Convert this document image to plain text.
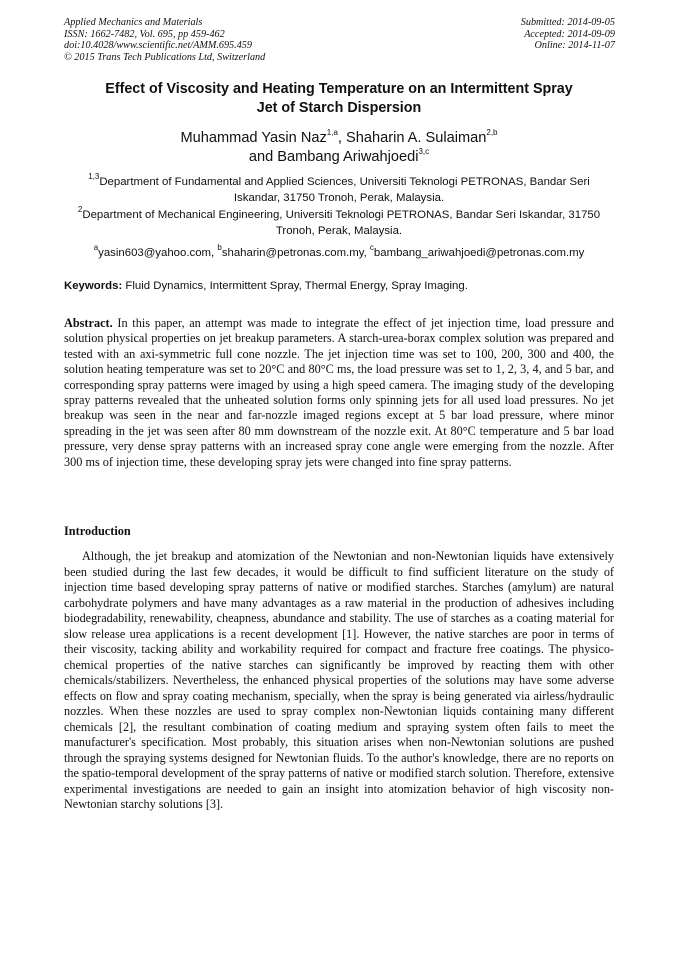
Applied Mechanics and Materials
ISSN: 1662-7482, Vol. 695, pp 459-462
doi:10.4028/www.scientific.net/AMM.695.459
© 2015 Trans Tech Publications Ltd, Switzerland
Submitted: 2014-09-05
Accepted: 2014-09-09
Online: 2014-11-07
Effect of Viscosity and Heating Temperature on an Intermittent Spray
Jet of Starch Dispersion
Muhammad Yasin Naz$^{1,a}$, Shaharin A. Sulaiman$^{2,b}$
and Bambang Ariwahjoedi$^{3,c}$
$^{1,3}$Department of Fundamental and Applied Sciences, Universiti Teknologi PETRONAS, Bandar Seri Iskandar, 31750 Tronoh, Perak, Malaysia.
$^2$Department of Mechanical Engineering, Universiti Teknologi PETRONAS, Bandar Seri Iskandar, 31750 Tronoh, Perak, Malaysia.
$^a$yasin603@yahoo.com, $^b$shaharin@petronas.com.my, $^c$bambang_ariwahjoedi@petronas.com.my
Keywords: Fluid Dynamics, Intermittent Spray, Thermal Energy, Spray Imaging.

Abstract. In this paper, an attempt was made to integrate the effect of jet injection time, load pressure and solution physical properties on jet breakup parameters. A starch-urea-borax complex solution was prepared and tested with an axi-symmetric full cone nozzle. The jet injection time was set to 100, 200, 300 and 400, the solution heating temperature was set to 20°C and 80°C ms, the load pressure was set to 1, 2, 3, 4, and 5 bar, and corresponding spray patterns were imaged by using a high speed camera. The imaging study of the developing spray patterns revealed that the unheated solution forms only spinning jets for all used load pressures. No jet breakup was seen in the near and far-nozzle imaged regions except at 5 bar load pressure, where minor spreading in the jet was seen after 80 mm downstream of the nozzle exit. At 80°C temperature and 5 bar load pressure, very dense spray patterns with an increased spray cone angle were emerging from the nozzle. After 300 ms of injection time, these developing spray jets were changed into fine spray patterns.

Introduction

Although, the jet breakup and atomization of the Newtonian and non-Newtonian liquids have extensively been studied during the last few decades, it would be difficult to find sufficient literature on the study of injection time based developing spray patterns of native or modified starches. Starches (amylum) are natural carbohydrate polymers and have many advantages as a raw material in the production of adhesives including biodegradability, renewability, cheapness, abundance and stability. The use of starches as a coating material for slow release urea applications is a recent development [1]. However, the native starches are poor in terms of their viscosity, tacking ability and workability required for compact and fracture free coatings. The physico-chemical properties of the native starches can significantly be improved by reacting them with other chemicals/stabilizers. Nevertheless, the enhanced physical properties of the solutions may have some adverse effects on flow and spray coating mechanism, specially, when the spray is being generated via airless/hydraulic nozzles. When these nozzles are used to spray complex non-Newtonian liquids containing many different chemicals [2], the resultant combination of coating medium and spraying system often fails to meet the manufacturer's specification. Most probably, this situation arises when non-Newtonian solutions are pushed through the spraying systems designed for Newtonian fluids. To the author's knowledge, there are no reports on the spatio-temporal development of the spray patterns of native or modified starch solution. Therefore, extensive experimental investigations are needed to gain an insight into atomization behavior of high viscosity non-Newtonian starchy solutions [3].
